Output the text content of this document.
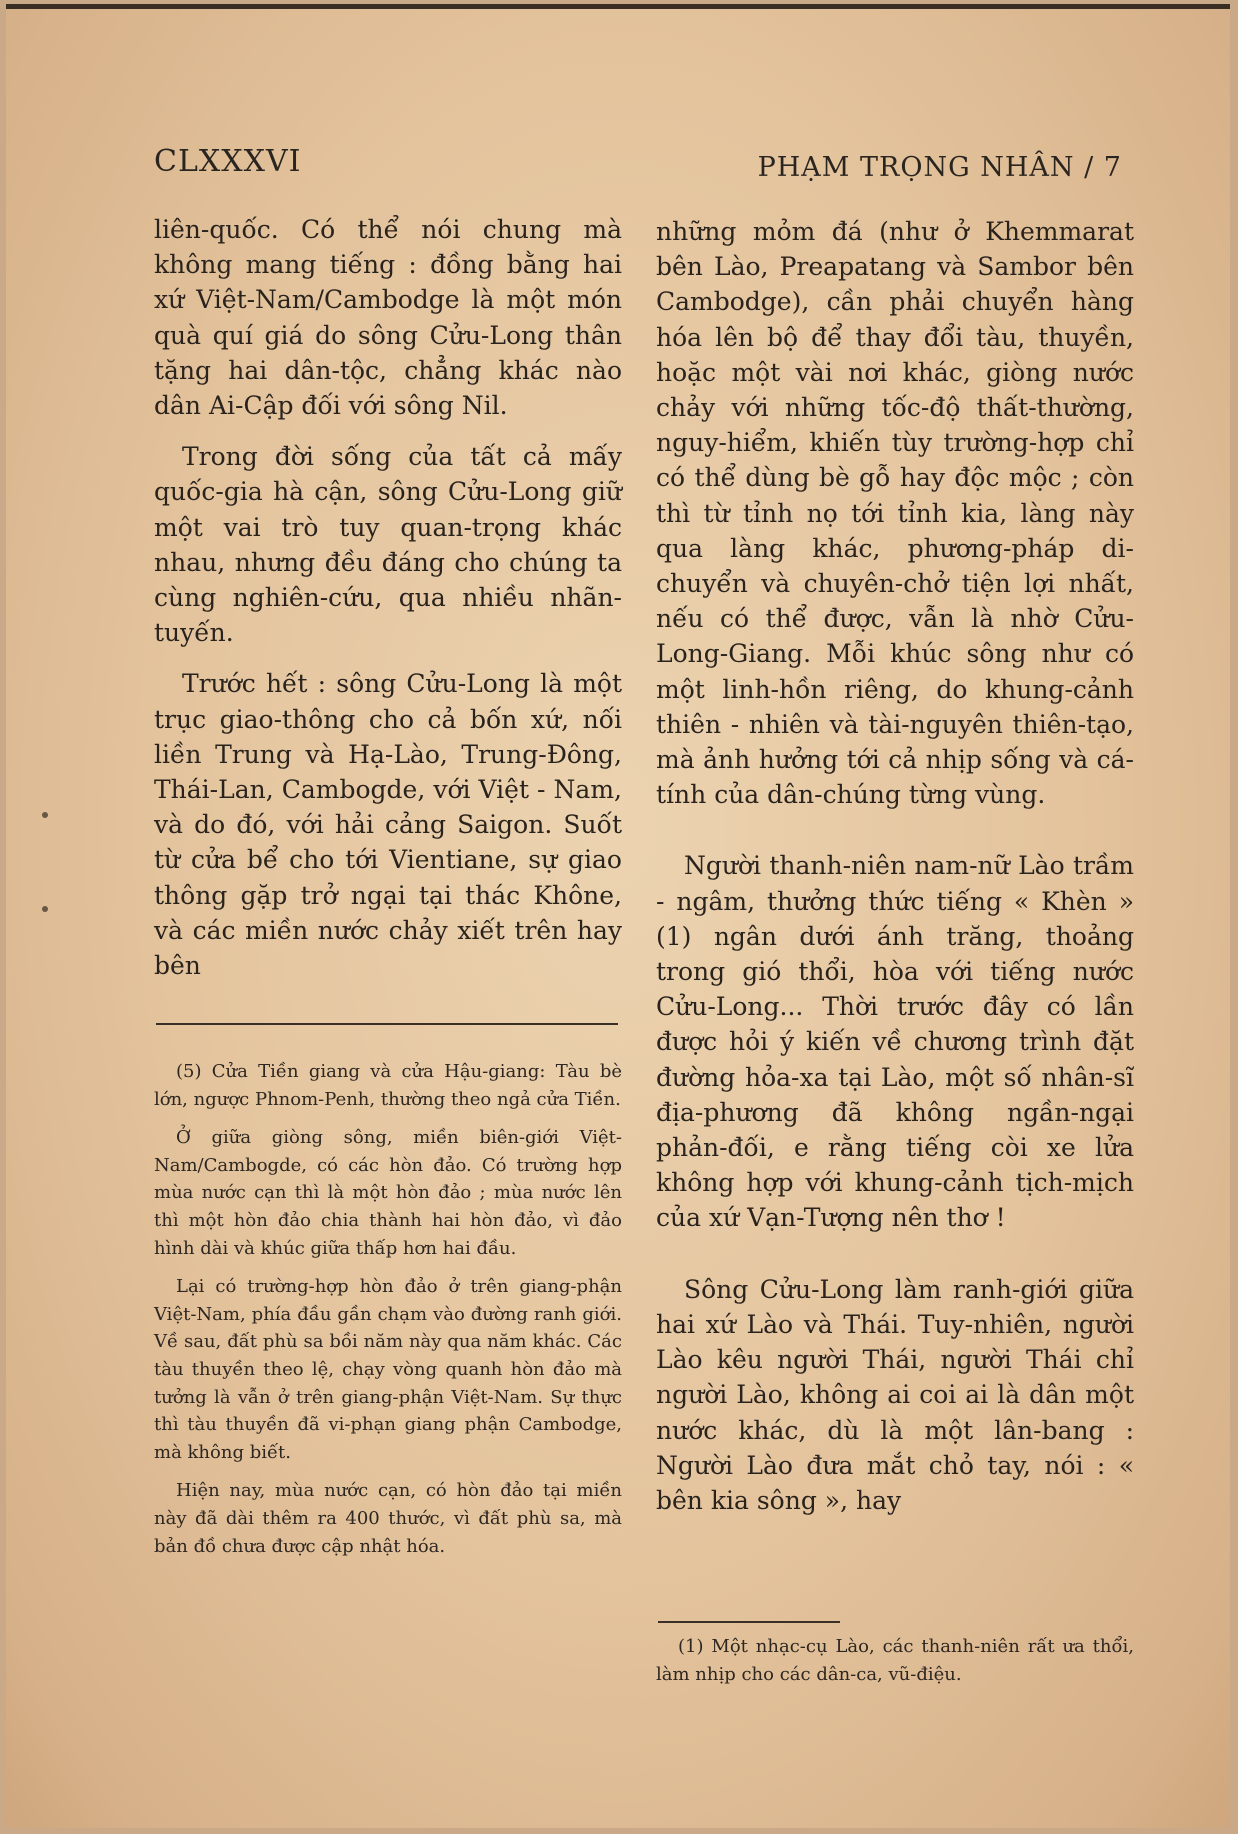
CLXXXVI	PHẠM TRỌNG NHÂN / 7

liên-quốc. Có thể nói chung mà không mang tiếng : đồng bằng hai xứ Việt-Nam/Cambodge là một món quà quí giá do sông Cửu-Long thân tặng hai dân-tộc, chẳng khác nào dân Ai-Cập đối với sông Nil.

Trong đời sống của tất cả mấy quốc-gia hà cận, sông Cửu-Long giữ một vai trò tuy quan-trọng khác nhau, nhưng đều đáng cho chúng ta cùng nghiên-cứu, qua nhiều nhãn-tuyến.

Trước hết : sông Cửu-Long là một trục giao-thông cho cả bốn xứ, nối liền Trung và Hạ-Lào, Trung-Đông, Thái-Lan, Cambogde, với Việt - Nam, và do đó, với hải cảng Saigon. Suốt từ cửa bể cho tới Vientiane, sự giao thông gặp trở ngại tại thác Khône, và các miền nước chảy xiết trên hay bên

(5) Cửa Tiền giang và cửa Hậu-giang: Tàu bè lớn, ngược Phnom-Penh, thường theo ngả cửa Tiền.

Ở giữa giòng sông, miền biên-giới Việt-Nam/Cambogde, có các hòn đảo. Có trường hợp mùa nước cạn thì là một hòn đảo ; mùa nước lên thì một hòn đảo chia thành hai hòn đảo, vì đảo hình dài và khúc giữa thấp hơn hai đầu.

Lại có trường-hợp hòn đảo ở trên giang-phận Việt-Nam, phía đầu gần chạm vào đường ranh giới. Về sau, đất phù sa bồi năm này qua năm khác. Các tàu thuyền theo lệ, chạy vòng quanh hòn đảo mà tưởng là vẫn ở trên giang-phận Việt-Nam. Sự thực thì tàu thuyền đã vi-phạn giang phận Cambodge, mà không biết.

Hiện nay, mùa nước cạn, có hòn đảo tại miền này đã dài thêm ra 400 thước, vì đất phù sa, mà bản đồ chưa được cập nhật hóa.

những mỏm đá (như ở Khemmarat bên Lào, Preapatang và Sambor bên Cambodge), cần phải chuyển hàng hóa lên bộ để thay đổi tàu, thuyền, hoặc một vài nơi khác, giòng nước chảy với những tốc-độ thất-thường, nguy-hiểm, khiến tùy trường-hợp chỉ có thể dùng bè gỗ hay độc mộc ; còn thì từ tỉnh nọ tới tỉnh kia, làng này qua làng khác, phương-pháp di-chuyển và chuyên-chở tiện lợi nhất, nếu có thể được, vẫn là nhờ Cửu-Long-Giang. Mỗi khúc sông như có một linh-hồn riêng, do khung-cảnh thiên - nhiên và tài-nguyên thiên-tạo, mà ảnh hưởng tới cả nhịp sống và cá-tính của dân-chúng từng vùng.

Người thanh-niên nam-nữ Lào trầm - ngâm, thưởng thức tiếng « Khèn » (1) ngân dưới ánh trăng, thoảng trong gió thổi, hòa với tiếng nước Cửu-Long... Thời trước đây có lần được hỏi ý kiến về chương trình đặt đường hỏa-xa tại Lào, một số nhân-sĩ địa-phương đã không ngần-ngại phản-đối, e rằng tiếng còi xe lửa không hợp với khung-cảnh tịch-mịch của xứ Vạn-Tượng nên thơ !

Sông Cửu-Long làm ranh-giới giữa hai xứ Lào và Thái. Tuy-nhiên, người Lào kêu người Thái, người Thái chỉ người Lào, không ai coi ai là dân một nước khác, dù là một lân-bang : Người Lào đưa mắt chỏ tay, nói : « bên kia sông », hay

(1) Một nhạc-cụ Lào, các thanh-niên rất ưa thổi, làm nhịp cho các dân-ca, vũ-điệu.
